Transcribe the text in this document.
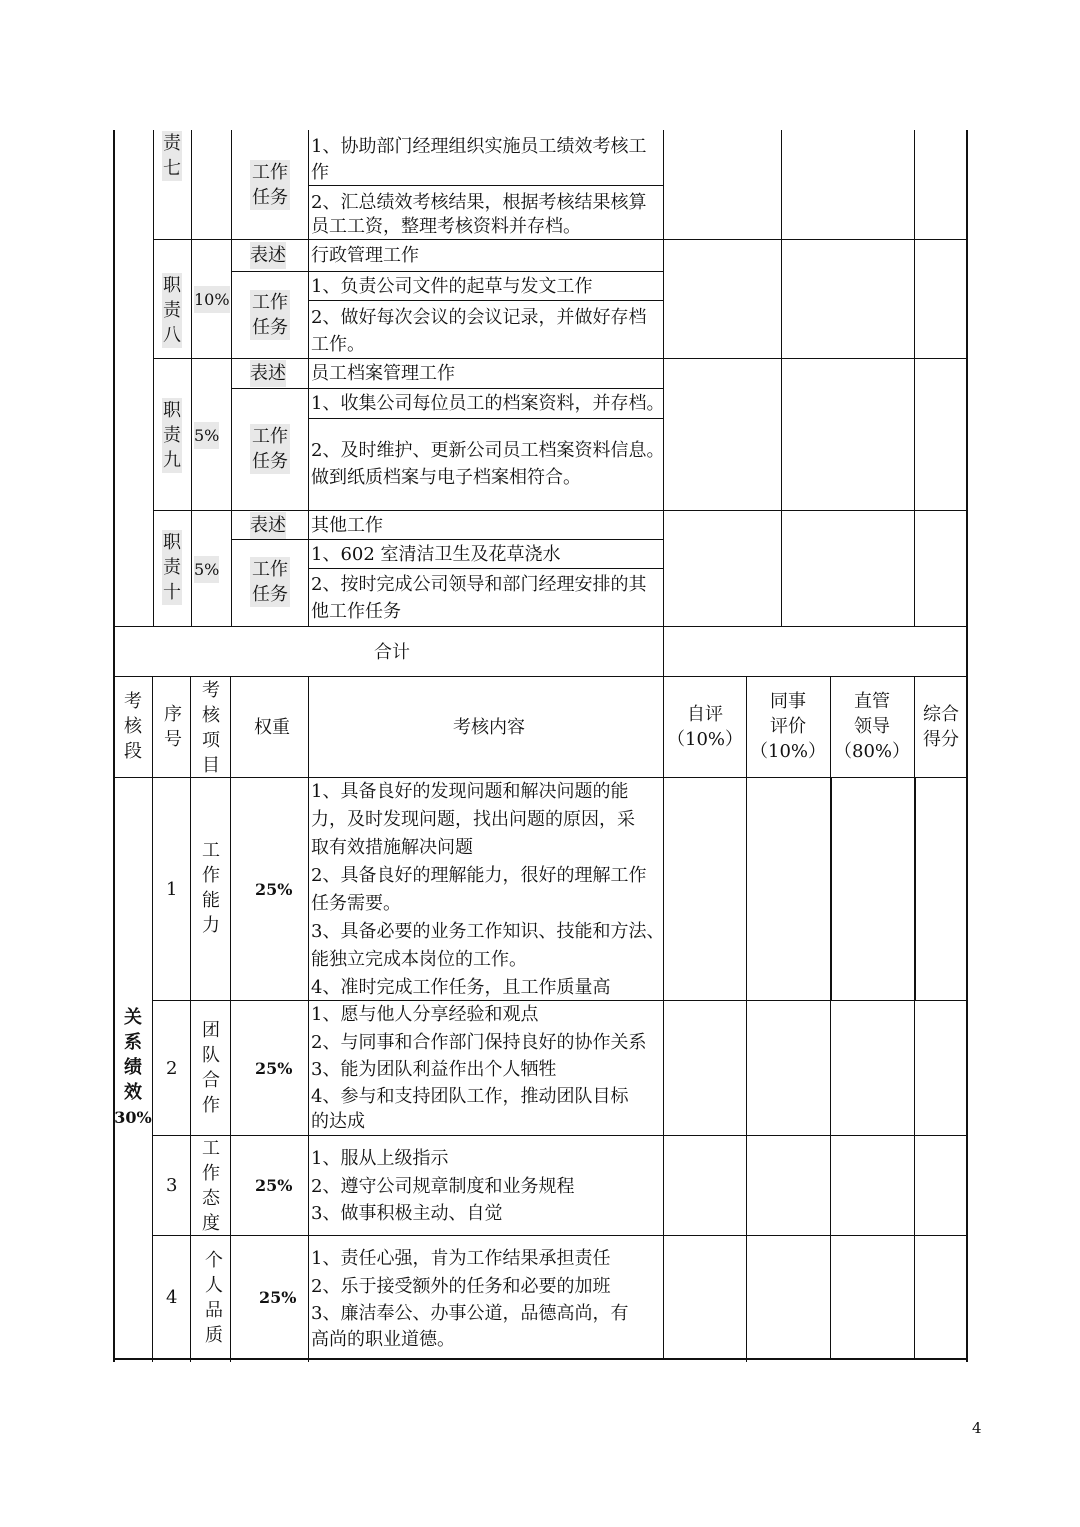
责
七	工作
任务
1、协助部门经理组织实施员工绩效考核工
作
2、汇总绩效考核结果，根据考核结果核算
员工工资，整理考核资料并存档。
职
责
八
10%
表述 行政管理工作
工作
任务
1、负责公司文件的起草与发文工作
2、做好每次会议的会议记录，并做好存档
工作。
职
责
九
5%
表述 员工档案管理工作
工作
任务
1、收集公司每位员工的档案资料，并存档。
2、及时维护、更新公司员工档案资料信息。
做到纸质档案与电子档案相符合。
职
责
十
5%
表述 其他工作
工作
任务
1、602 室清洁卫生及花草浇水
2、按时完成公司领导和部门经理安排的其
他工作任务
合计
考
核
段
序
号
考
核
项
目
权重	考核内容
自评
（10%）
同事
评价
（10%）
直管
领导
（80%）
综合
得分
关
系
绩
效
30%
1
工
作
能
力
25%
1、具备良好的发现问题和解决问题的能
力，及时发现问题，找出问题的原因，采
取有效措施解决问题
2、具备良好的理解能力，很好的理解工作
任务需要。
3、具备必要的业务工作知识、技能和方法、
能独立完成本岗位的工作。
4、准时完成工作任务，且工作质量高
2
团
队
合
作
25%
1、愿与他人分享经验和观点
2、与同事和合作部门保持良好的协作关系
3、能为团队利益作出个人牺牲
4、参与和支持团队工作，推动团队目标
的达成
3
工
作
态
度
25%
1、服从上级指示
2、遵守公司规章制度和业务规程
3、做事积极主动、自觉
4
个
人
品
质
25%
1、责任心强，肯为工作结果承担责任
2、乐于接受额外的任务和必要的加班
3、廉洁奉公、办事公道，品德高尚，有
高尚的职业道德。
4
